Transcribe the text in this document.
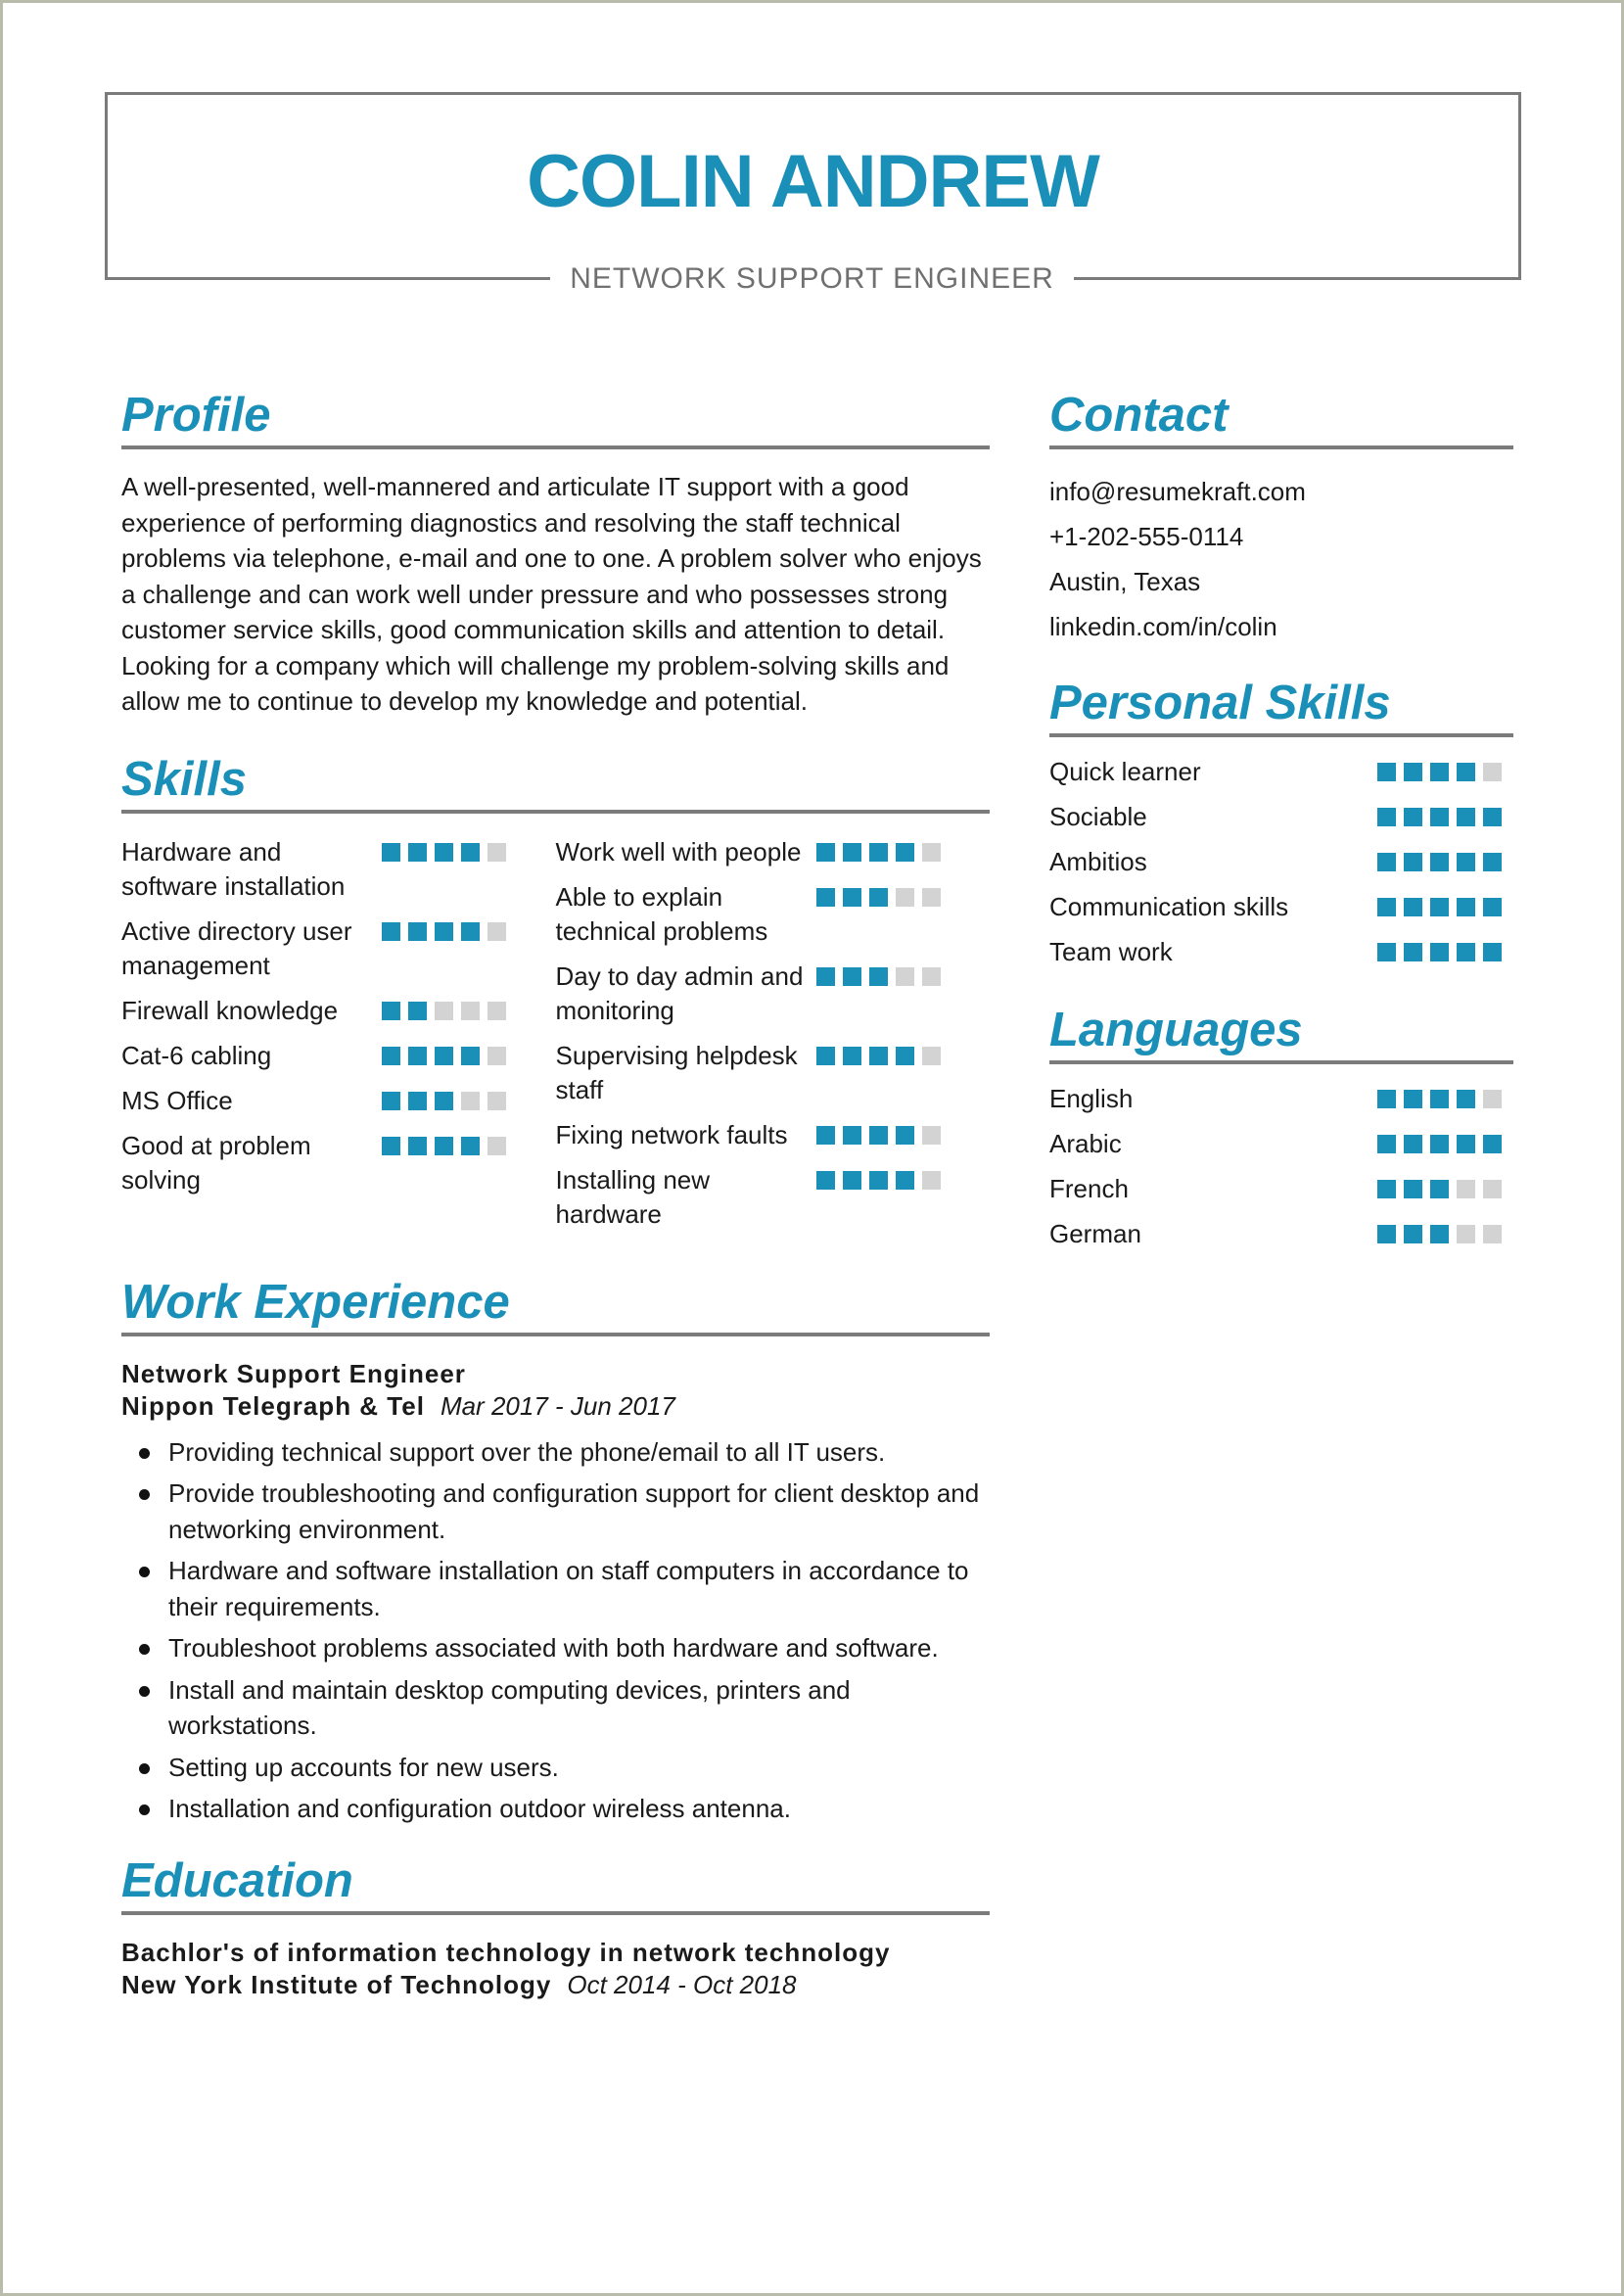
COLIN ANDREW
NETWORK SUPPORT ENGINEER
Profile

A well-presented, well-mannered and articulate IT support with a good experience of performing diagnostics and resolving the staff technical problems via telephone, e-mail and one to one. A problem solver who enjoys a challenge and can work well under pressure and who possesses strong customer service skills, good communication skills and attention to detail. Looking for a company which will challenge my problem-solving skills and allow me to continue to develop my knowledge and potential.

Skills
Hardware and software installation
Active directory user management
Firewall knowledge
Cat-6 cabling
MS Office
Good at problem solving
Work well with people
Able to explain technical problems
Day to day admin and monitoring
Supervising helpdesk staff
Fixing network faults
Installing new hardware
Work Experience
Network Support Engineer
Nippon Telegraph & Tel Mar 2017 - Jun 2017
Providing technical support over the phone/email to all IT users.
Provide troubleshooting and configuration support for client desktop and networking environment.
Hardware and software installation on staff computers in accordance to their requirements.
Troubleshoot problems associated with both hardware and software.
Install and maintain desktop computing devices, printers and workstations.
Setting up accounts for new users.
Installation and configuration outdoor wireless antenna.
Education
Bachlor's of information technology in network technology
New York Institute of Technology Oct 2014 - Oct 2018
Contact
info@resumekraft.com
+1-202-555-0114
Austin, Texas
linkedin.com/in/colin
Personal Skills
Quick learner
Sociable
Ambitios
Communication skills
Team work
Languages
English
Arabic
French
German
